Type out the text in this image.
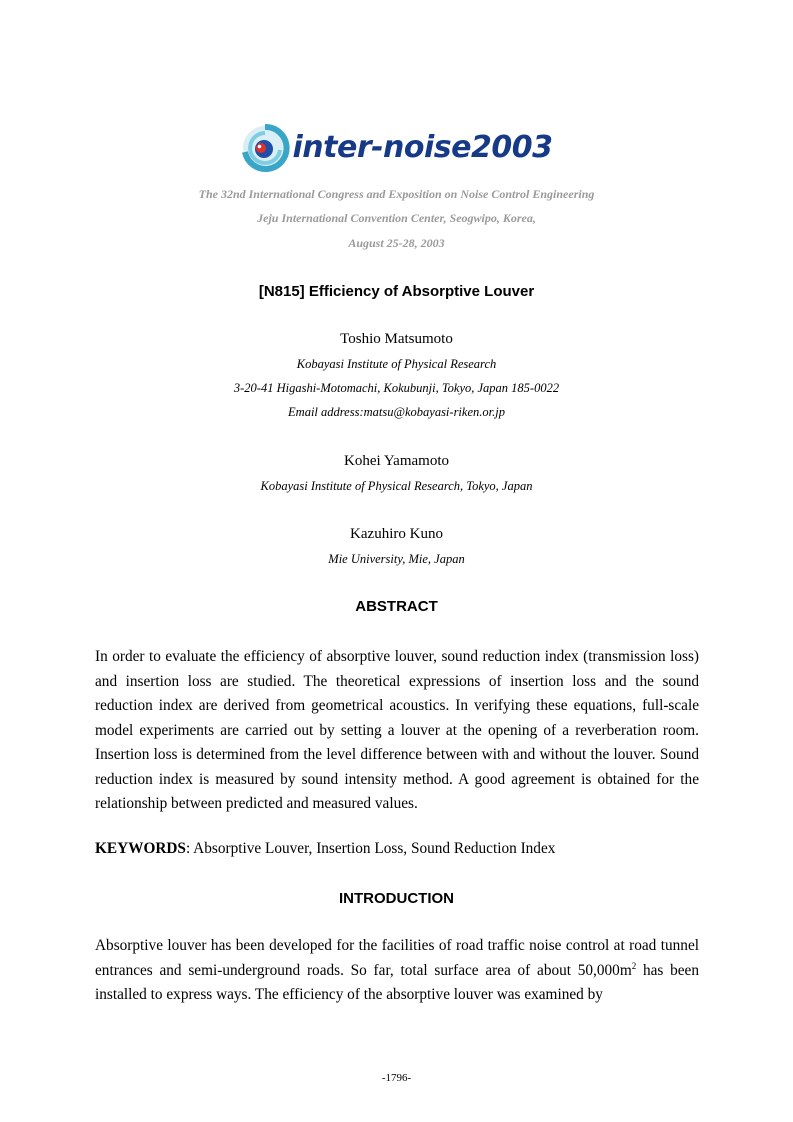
inter-noise2003
The 32nd International Congress and Exposition on Noise Control Engineering
Jeju International Convention Center, Seogwipo, Korea,
August 25-28, 2003
[N815] Efficiency of Absorptive Louver
Toshio Matsumoto
Kobayasi Institute of Physical Research
3-20-41 Higashi-Motomachi, Kokubunji, Tokyo, Japan 185-0022
Email address:matsu@kobayasi-riken.or.jp
Kohei Yamamoto
Kobayasi Institute of Physical Research, Tokyo, Japan
Kazuhiro Kuno
Mie University, Mie, Japan
ABSTRACT

In order to evaluate the efficiency of absorptive louver, sound reduction index (transmission loss) and insertion loss are studied. The theoretical expressions of insertion loss and the sound reduction index are derived from geometrical acoustics. In verifying these equations, full-scale model experiments are carried out by setting a louver at the opening of a reverberation room. Insertion loss is determined from the level difference between with and without the louver. Sound reduction index is measured by sound intensity method. A good agreement is obtained for the relationship between predicted and measured values.

KEYWORDS: Absorptive Louver, Insertion Loss, Sound Reduction Index
INTRODUCTION

Absorptive louver has been developed for the facilities of road traffic noise control at road tunnel entrances and semi-underground roads. So far, total surface area of about $50,000m^2$ has been installed to express ways. The efficiency of the absorptive louver was examined by

-1796-
